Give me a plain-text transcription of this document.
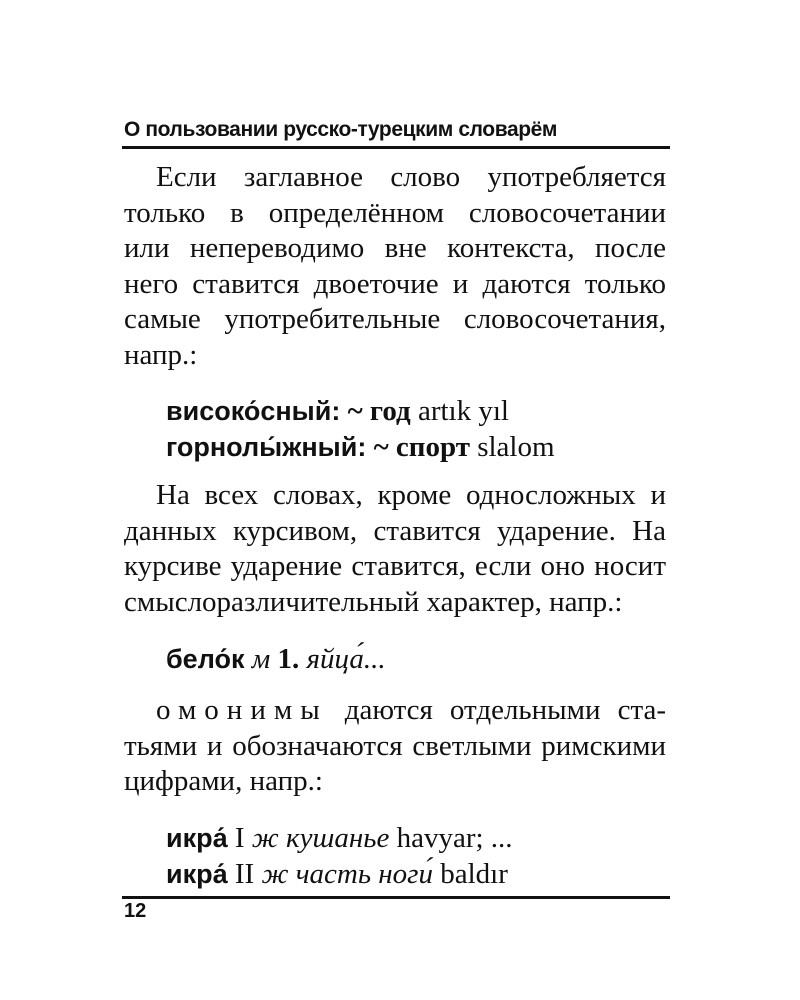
О пользовании русско-турецким словарём

Если заглавное слово употребляется
только в определённом словосочетании
или непереводимо вне контекста, после
него ставится двоеточие и даются только
самые употребительные словосочетания,
напр.:

високо́сный: ~ год artık yıl
горнолы́жный: ~ спорт slalom

На всех словах, кроме односложных и
данных курсивом, ставится ударение. На
курсиве ударение ставится, если оно носит
смыслоразличительный характер, напр.:

бело́к м 1. яйца́...

омонимы даются отдельными ста-
тьями и обозначаются светлыми римскими
цифрами, напр.:

икра́ I ж кушанье havyar; ...
икра́ II ж часть ноги́ baldır
12
